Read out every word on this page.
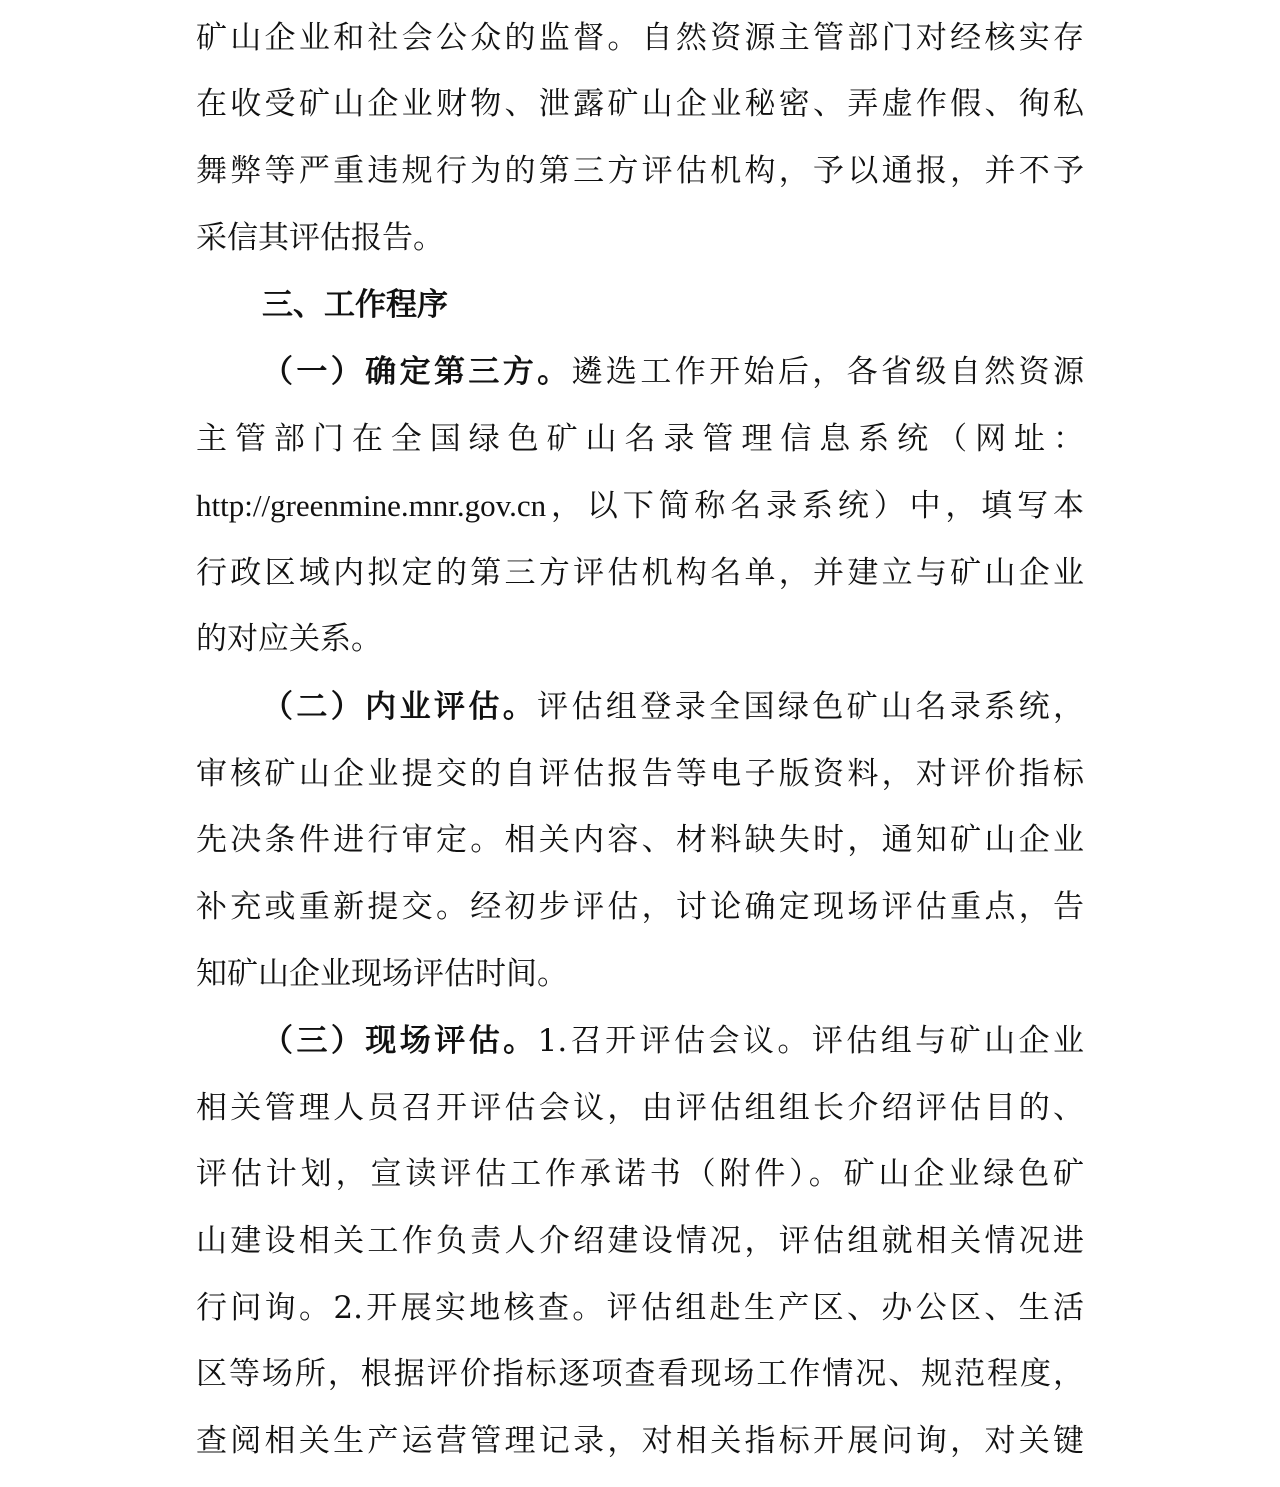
矿山企业和社会公众的监督。自然资源主管部门对经核实存
在收受矿山企业财物、泄露矿山企业秘密、弄虚作假、徇私
舞弊等严重违规行为的第三方评估机构，予以通报，并不予
采信其评估报告。
三、工作程序
（一）确定第三方。遴选工作开始后，各省级自然资源
主管部门在全国绿色矿山名录管理信息系统（网址：
http://greenmine.mnr.gov.cn，以下简称名录系统）中，填写本
行政区域内拟定的第三方评估机构名单，并建立与矿山企业
的对应关系。
（二）内业评估。评估组登录全国绿色矿山名录系统，
审核矿山企业提交的自评估报告等电子版资料，对评价指标
先决条件进行审定。相关内容、材料缺失时，通知矿山企业
补充或重新提交。经初步评估，讨论确定现场评估重点，告
知矿山企业现场评估时间。
（三）现场评估。1.召开评估会议。评估组与矿山企业
相关管理人员召开评估会议，由评估组组长介绍评估目的、
评估计划，宣读评估工作承诺书（附件）。矿山企业绿色矿
山建设相关工作负责人介绍建设情况，评估组就相关情况进
行问询。2.开展实地核查。评估组赴生产区、办公区、生活
区等场所，根据评价指标逐项查看现场工作情况、规范程度，
查阅相关生产运营管理记录，对相关指标开展问询，对关键
